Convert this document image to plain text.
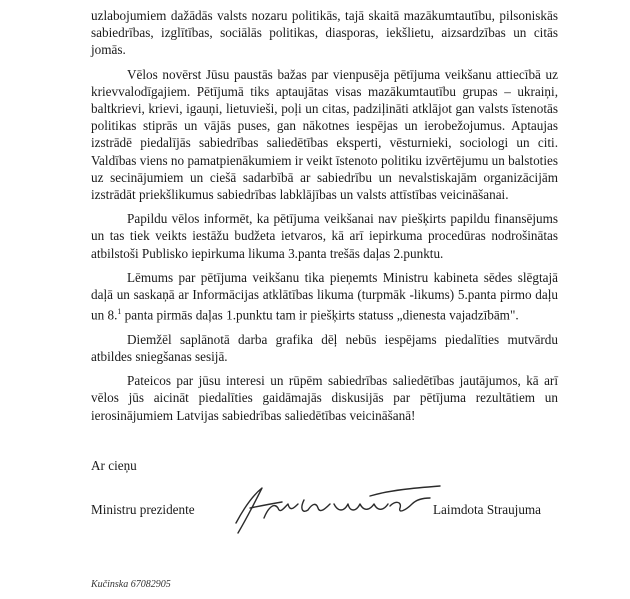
uzlabojumiem dažādās valsts nozaru politikās, tajā skaitā mazākumtautību, pilsoniskās sabiedrības, izglītības, sociālās politikas, diasporas, iekšlietu, aizsardzības un citās jomās.

Vēlos novērst Jūsu paustās bažas par vienpusēja pētījuma veikšanu attiecībā uz krievvalodīgajiem. Pētījumā tiks aptaujātas visas mazākumtautību grupas – ukraiņi, baltkrievi, krievi, igauņi, lietuvieši, poļi un citas, padziļināti atklājot gan valsts īstenotās politikas stiprās un vājās puses, gan nākotnes iespējas un ierobežojumus. Aptaujas izstrādē piedalījās sabiedrības saliedētības eksperti, vēsturnieki, sociologi un citi. Valdības viens no pamatpienākumiem ir veikt īstenoto politiku izvērtējumu un balstoties uz secinājumiem un ciešā sadarbībā ar sabiedrību un nevalstiskajām organizācijām izstrādāt priekšlikumus sabiedrības labklājības un valsts attīstības veicināšanai.

Papildu vēlos informēt, ka pētījuma veikšanai nav piešķirts papildu finansējums un tas tiek veikts iestāžu budžeta ietvaros, kā arī iepirkuma procedūras nodrošinātas atbilstoši Publisko iepirkuma likuma 3.panta trešās daļas 2.punktu.

Lēmums par pētījuma veikšanu tika pieņemts Ministru kabineta sēdes slēgtajā daļā un saskaņā ar Informācijas atklātības likuma (turpmāk -likums) 5.panta pirmo daļu un 8.$^1$ panta pirmās daļas 1.punktu tam ir piešķirts statuss „dienesta vajadzībām".

Diemžēl saplānotā darba grafika dēļ nebūs iespējams piedalīties mutvārdu atbildes sniegšanas sesijā.

Pateicos par jūsu interesi un rūpēm sabiedrības saliedētības jautājumos, kā arī vēlos jūs aicināt piedalīties gaidāmajās diskusijās par pētījuma rezultātiem un ierosinājumiem Latvijas sabiedrības saliedētības veicināšanā!

Ar cieņu

Ministru prezidente	Laimdota Straujuma

Kučinska 67082905
